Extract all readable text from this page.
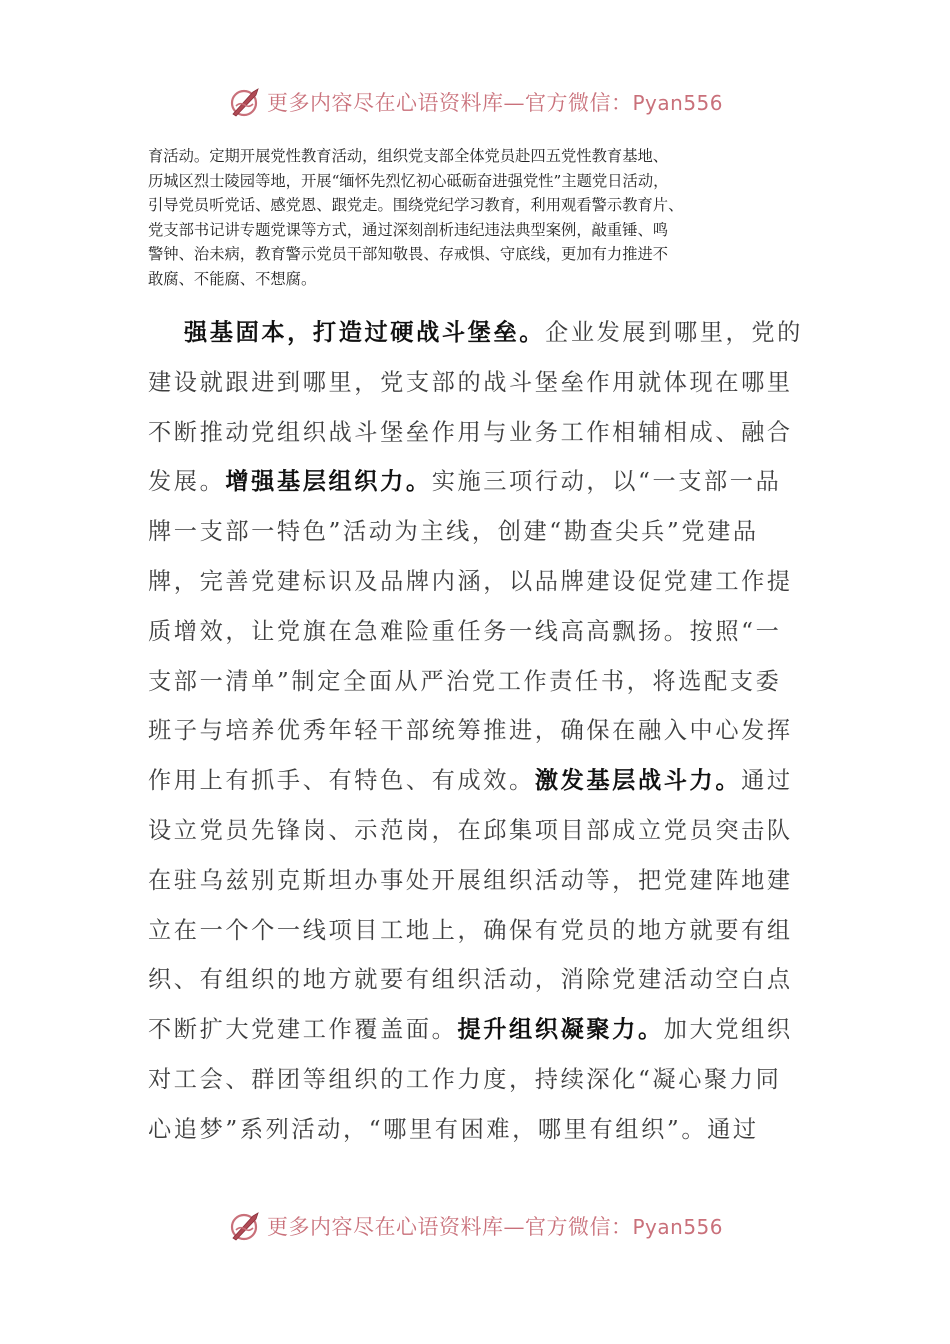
更多内容尽在心语资料库—官方微信：Pyan556
育活动。定期开展党性教育活动，组织党支部全体党员赴四五党性教育基地、
历城区烈士陵园等地，开展“缅怀先烈忆初心砥砺奋进强党性”主题党日活动，
引导党员听党话、感党恩、跟党走。围绕党纪学习教育，利用观看警示教育片、
党支部书记讲专题党课等方式，通过深刻剖析违纪违法典型案例，敲重锤、鸣
警钟、治未病，教育警示党员干部知敬畏、存戒惧、守底线，更加有力推进不
敢腐、不能腐、不想腐。
强基固本，打造过硬战斗堡垒。企业发展到哪里，党的
建设就跟进到哪里，党支部的战斗堡垒作用就体现在哪里
不断推动党组织战斗堡垒作用与业务工作相辅相成、融合
发展。增强基层组织力。实施三项行动，以“一支部一品
牌一支部一特色”活动为主线，创建“勘查尖兵”党建品
牌，完善党建标识及品牌内涵，以品牌建设促党建工作提
质增效，让党旗在急难险重任务一线高高飘扬。按照“一
支部一清单”制定全面从严治党工作责任书，将选配支委
班子与培养优秀年轻干部统筹推进，确保在融入中心发挥
作用上有抓手、有特色、有成效。激发基层战斗力。通过
设立党员先锋岗、示范岗，在邱集项目部成立党员突击队
在驻乌兹别克斯坦办事处开展组织活动等，把党建阵地建
立在一个个一线项目工地上，确保有党员的地方就要有组
织、有组织的地方就要有组织活动，消除党建活动空白点
不断扩大党建工作覆盖面。提升组织凝聚力。加大党组织
对工会、群团等组织的工作力度，持续深化“凝心聚力同
心追梦”系列活动，“哪里有困难，哪里有组织”。通过
更多内容尽在心语资料库—官方微信：Pyan556
